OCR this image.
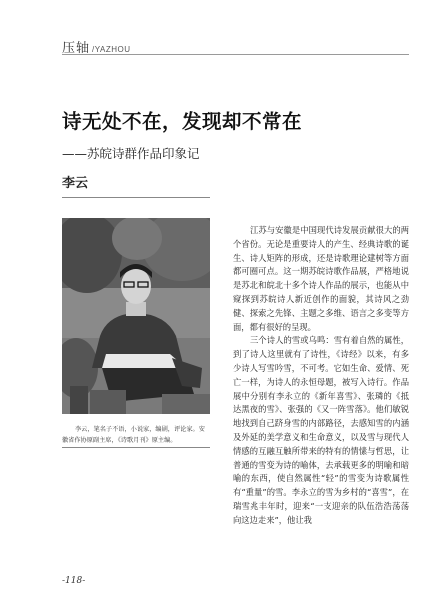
压轴 /YAZHOU
诗无处不在，发现却不常在
——苏皖诗群作品印象记
李云

李云，笔名子不语，小说家，编剧，评论家。安徽省作协原副主席，《诗歌月刊》原主编。

江苏与安徽是中国现代诗发展贡献很大的两个省份。无论是重要诗人的产生、经典诗歌的诞生、诗人矩阵的形成，还是诗歌理论建树等方面都可圈可点。这一期苏皖诗歌作品展，严格地说是苏北和皖北十多个诗人作品的展示，也能从中窥探到苏皖诗人新近创作的面貌，其诗风之劲健、探索之先锋、主题之多维、语言之多变等方面，都有很好的呈现。

三个诗人的雪或乌鸣：雪有着自然的属性，到了诗人这里就有了诗性，《诗经》以来，有多少诗人写雪吟雪，不可考。它如生命、爱情、死亡一样，为诗人的永恒母题，被写入诗行。作品展中分别有李永立的《新年喜雪》、张璘的《抵达黑夜的雪》、张强的《又一阵雪落》。他们敏锐地找到自己跻身雪的内部路径，去感知雪的内涵及外延的美学意义和生命意义，以及雪与现代人情感的互融互触所带来的特有的情愫与哲思，让普通的雪变为诗的喻体，去承载更多的明喻和暗喻的东西，使自然属性“轻”的雪变为诗歌属性有“重量”的雪。李永立的雪为乡村的“喜雪”，在瑞雪兆丰年时，迎来“一支迎亲的队伍浩浩荡荡向这边走来”，他让我

-118-
